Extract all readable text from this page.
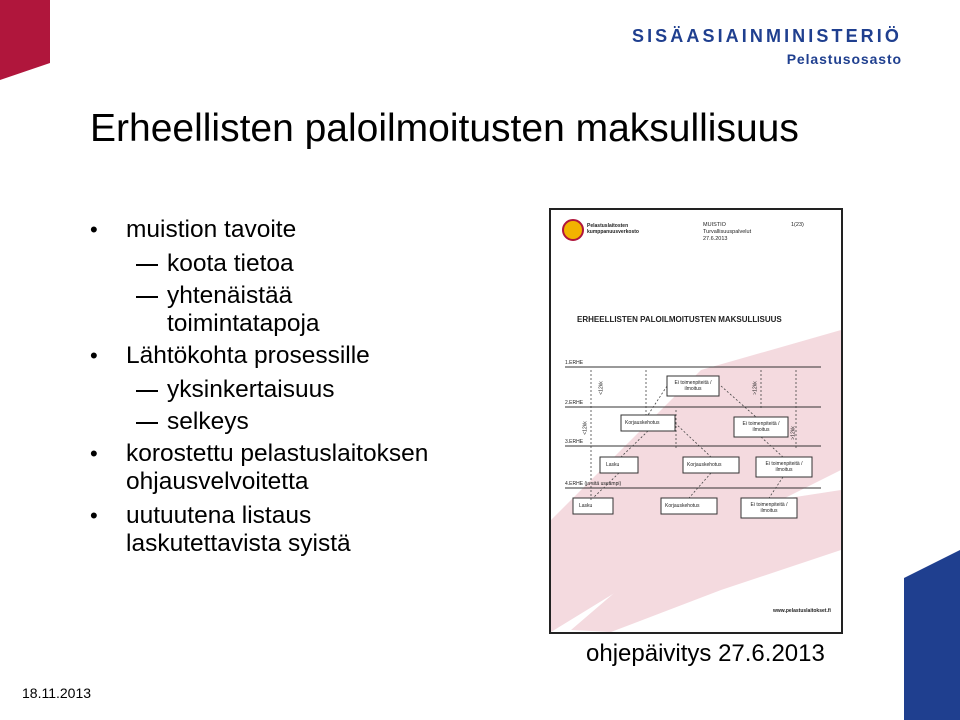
SISÄASIAINMINISTERIÖ
Pelastusosasto
Erheellisten paloilmoitusten maksullisuus
• muistion tavoite
koota tietoa
yhtenäistää toimintatapoja
• Lähtökohta prosessille
yksinkertaisuus
selkeys
• korostettu pelastuslaitoksen ohjausvelvoitetta
• uutuutena listaus laskutettavista syistä
Pelastuslaitosten
kumppanuusverkosto
MUISTIO
Turvallisuuspalvelut
27.6.2013
1(23)
ERHEELLISTEN PALOILMOITUSTEN MAKSULLISUUS
1.ERHE
2.ERHE
3.ERHE
4.ERHE (ja sitä useampi)
Ei toimenpiteitä / ilmoitus
Korjauskehotus	Ei toimenpiteitä / ilmoitus
Lasku	Korjauskehotus	Ei toimenpiteitä / ilmoitus
Lasku	Korjauskehotus	Ei toimenpiteitä / ilmoitus
<12kk
<12kk
>12kk
>12kk
www.pelastuslaitokset.fi
ohjepäivitys 27.6.2013
18.11.2013
